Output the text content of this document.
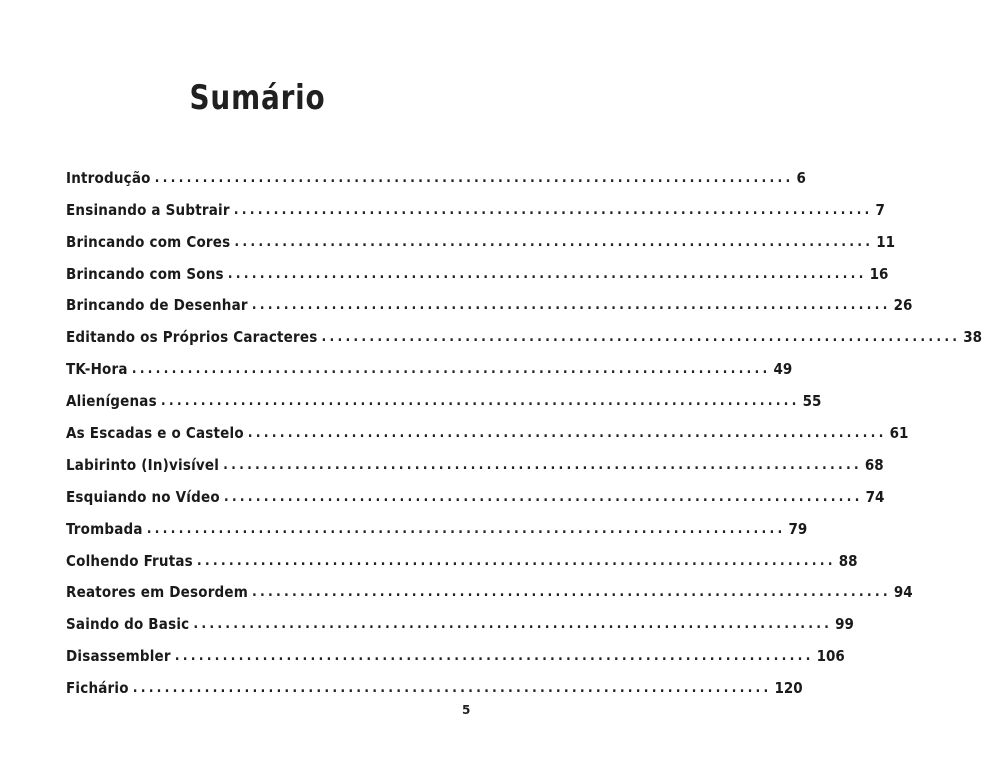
Sumário
Introdução ................................................................................ 6
Ensinando a Subtrair ................................................................................ 7
Brincando com Cores ................................................................................ 11
Brincando com Sons ................................................................................ 16
Brincando de Desenhar ................................................................................ 26
Editando os Próprios Caracteres ................................................................................ 38
TK-Hora ................................................................................ 49
Alienígenas ................................................................................ 55
As Escadas e o Castelo ................................................................................ 61
Labirinto (In)visível ................................................................................ 68
Esquiando no Vídeo ................................................................................ 74
Trombada ................................................................................ 79
Colhendo Frutas ................................................................................ 88
Reatores em Desordem ................................................................................ 94
Saindo do Basic ................................................................................ 99
Disassembler ................................................................................ 106
Fichário ................................................................................ 120
5
